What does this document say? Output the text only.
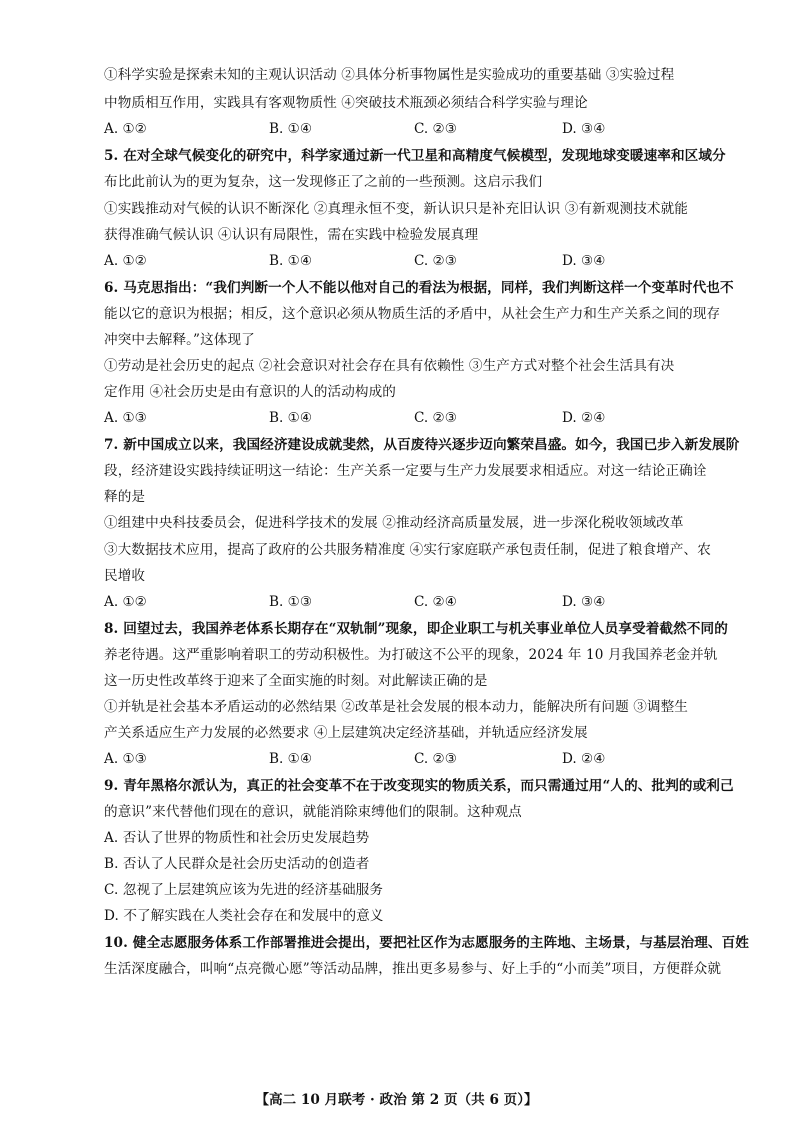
①科学实验是探索未知的主观认识活动 ②具体分析事物属性是实验成功的重要基础 ③实验过程
中物质相互作用，实践具有客观物质性 ④突破技术瓶颈必须结合科学实验与理论
5. 在对全球气候变化的研究中，科学家通过新一代卫星和高精度气候模型，发现地球变暖速率和区域分
布比此前认为的更为复杂，这一发现修正了之前的一些预测。这启示我们
①实践推动对气候的认识不断深化 ②真理永恒不变，新认识只是补充旧认识 ③有新观测技术就能
获得准确气候认识 ④认识有局限性，需在实践中检验发展真理
6. 马克思指出：“我们判断一个人不能以他对自己的看法为根据，同样，我们判断这样一个变革时代也不
能以它的意识为根据；相反，这个意识必须从物质生活的矛盾中，从社会生产力和生产关系之间的现存
冲突中去解释。”这体现了
①劳动是社会历史的起点 ②社会意识对社会存在具有依赖性 ③生产方式对整个社会生活具有决
定作用 ④社会历史是由有意识的人的活动构成的
7. 新中国成立以来，我国经济建设成就斐然，从百废待兴逐步迈向繁荣昌盛。如今，我国已步入新发展阶
段，经济建设实践持续证明这一结论：生产关系一定要与生产力发展要求相适应。对这一结论正确诠
释的是
①组建中央科技委员会，促进科学技术的发展 ②推动经济高质量发展，进一步深化税收领域改革
③大数据技术应用，提高了政府的公共服务精准度 ④实行家庭联产承包责任制，促进了粮食增产、农
民增收
8. 回望过去，我国养老体系长期存在“双轨制”现象，即企业职工与机关事业单位人员享受着截然不同的
养老待遇。这严重影响着职工的劳动积极性。为打破这不公平的现象，2024 年 10 月我国养老金并轨
这一历史性改革终于迎来了全面实施的时刻。对此解读正确的是
①并轨是社会基本矛盾运动的必然结果 ②改革是社会发展的根本动力，能解决所有问题 ③调整生
产关系适应生产力发展的必然要求 ④上层建筑决定经济基础，并轨适应经济发展
9. 青年黑格尔派认为，真正的社会变革不在于改变现实的物质关系，而只需通过用“人的、批判的或利己
的意识”来代替他们现在的意识，就能消除束缚他们的限制。这种观点
A. 否认了世界的物质性和社会历史发展趋势
B. 否认了人民群众是社会历史活动的创造者
C. 忽视了上层建筑应该为先进的经济基础服务
D. 不了解实践在人类社会存在和发展中的意义
10. 健全志愿服务体系工作部署推进会提出，要把社区作为志愿服务的主阵地、主场景，与基层治理、百姓
生活深度融合，叫响“点亮微心愿”等活动品牌，推出更多易参与、好上手的“小而美”项目，方便群众就
A. ①②	B. ①④	C. ②③	D. ③④
A. ①②	B. ①④	C. ②③	D. ③④
A. ①③	B. ①④	C. ②③	D. ②④
A. ①②	B. ①③	C. ②④	D. ③④
A. ①③	B. ①④	C. ②③	D. ②④
【高二 10 月联考 · 政治 第 2 页（共 6 页）】
